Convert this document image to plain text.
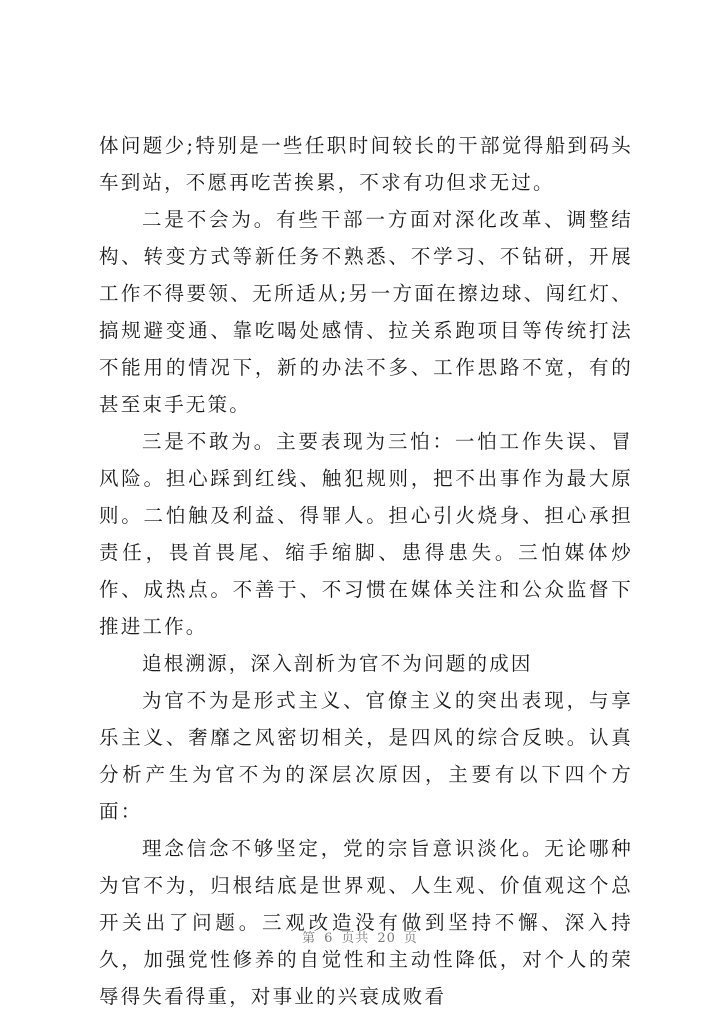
体问题少;特别是一些任职时间较长的干部觉得船到码头车到站，不愿再吃苦挨累，不求有功但求无过。

二是不会为。有些干部一方面对深化改革、调整结构、转变方式等新任务不熟悉、不学习、不钻研，开展工作不得要领、无所适从;另一方面在擦边球、闯红灯、搞规避变通、靠吃喝处感情、拉关系跑项目等传统打法不能用的情况下，新的办法不多、工作思路不宽，有的甚至束手无策。

三是不敢为。主要表现为三怕：一怕工作失误、冒风险。担心踩到红线、触犯规则，把不出事作为最大原则。二怕触及利益、得罪人。担心引火烧身、担心承担责任，畏首畏尾、缩手缩脚、患得患失。三怕媒体炒作、成热点。不善于、不习惯在媒体关注和公众监督下推进工作。

追根溯源，深入剖析为官不为问题的成因

为官不为是形式主义、官僚主义的突出表现，与享乐主义、奢靡之风密切相关，是四风的综合反映。认真分析产生为官不为的深层次原因，主要有以下四个方面：

理念信念不够坚定，党的宗旨意识淡化。无论哪种为官不为，归根结底是世界观、人生观、价值观这个总开关出了问题。三观改造没有做到坚持不懈、深入持久，加强党性修养的自觉性和主动性降低，对个人的荣辱得失看得重，对事业的兴衰成败看

第 6 页共 20 页
